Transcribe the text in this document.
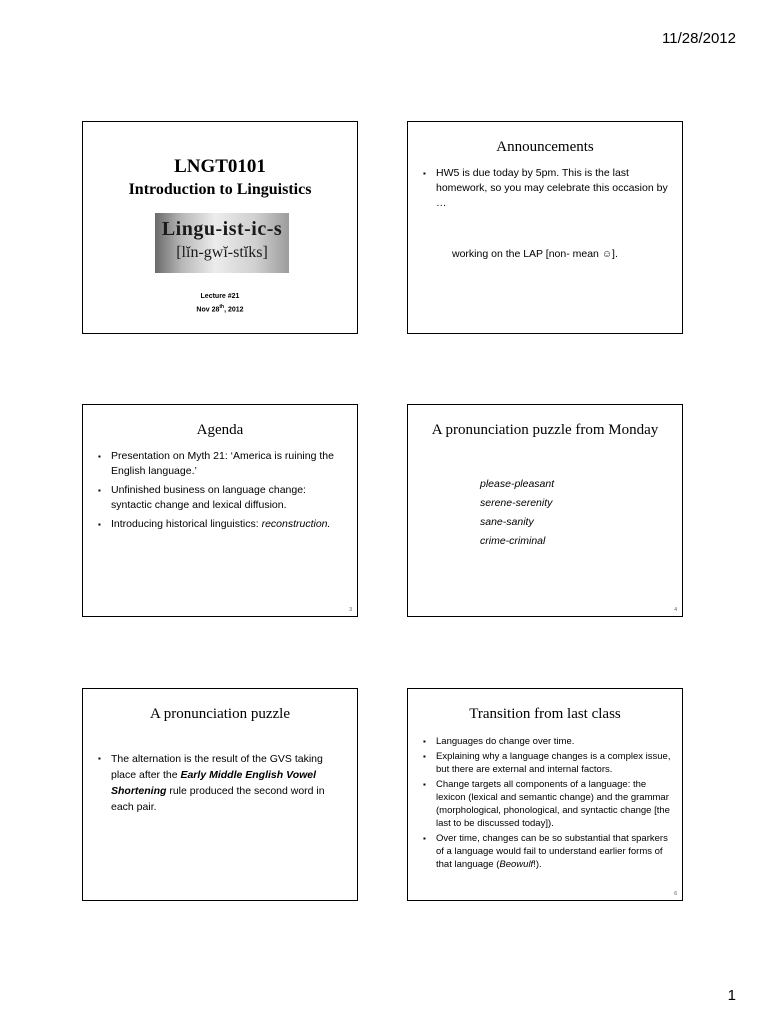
11/28/2012
LNGT0101
Introduction to Linguistics
Lingu-ist-ic-s
[lĭn-gwĭ-stĭks]
Lecture #21
Nov 28th, 2012
Announcements
▪ HW5 is due today by 5pm. This is the last homework, so you may celebrate this occasion by …
working on the LAP [non- mean ☺].
Agenda
▪ Presentation on Myth 21: ‘America is ruining the English language.’
▪ Unfinished business on language change: syntactic change and lexical diffusion.
▪ Introducing historical linguistics: reconstruction.
3
A pronunciation puzzle from Monday
please-pleasant
serene-serenity
sane-sanity
crime-criminal
4
A pronunciation puzzle
▪ The alternation is the result of the GVS taking place after the Early Middle English Vowel Shortening rule produced the second word in each pair.
Transition from last class
▪ Languages do change over time.
▪ Explaining why a language changes is a complex issue, but there are external and internal factors.
▪ Change targets all components of a language: the lexicon (lexical and semantic change) and the grammar (morphological, phonological, and syntactic change [the last to be discussed today]).
▪ Over time, changes can be so substantial that sparkers of a language would fail to understand earlier forms of that language (Beowulf!).
6
1
